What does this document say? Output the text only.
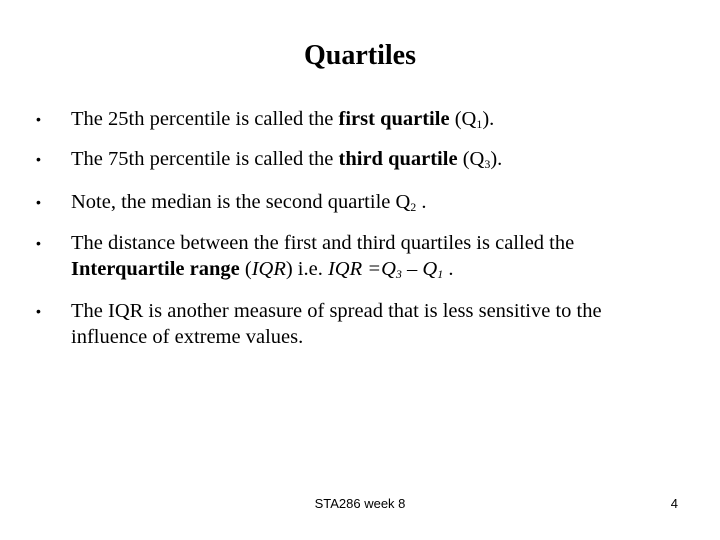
Quartiles
• The 25th percentile is called the first quartile $(Q_1)$.
• The 75th percentile is called the third quartile $(Q_3)$.
• Note, the median is the second quartile $Q_2$ .
• The distance between the first and third quartiles is called the
Interquartile range (IQR) i.e. IQR $=Q_3 - Q_1$ .
• The IQR is another measure of spread that is less sensitive to the influence of extreme values.
STA286 week 8	4
